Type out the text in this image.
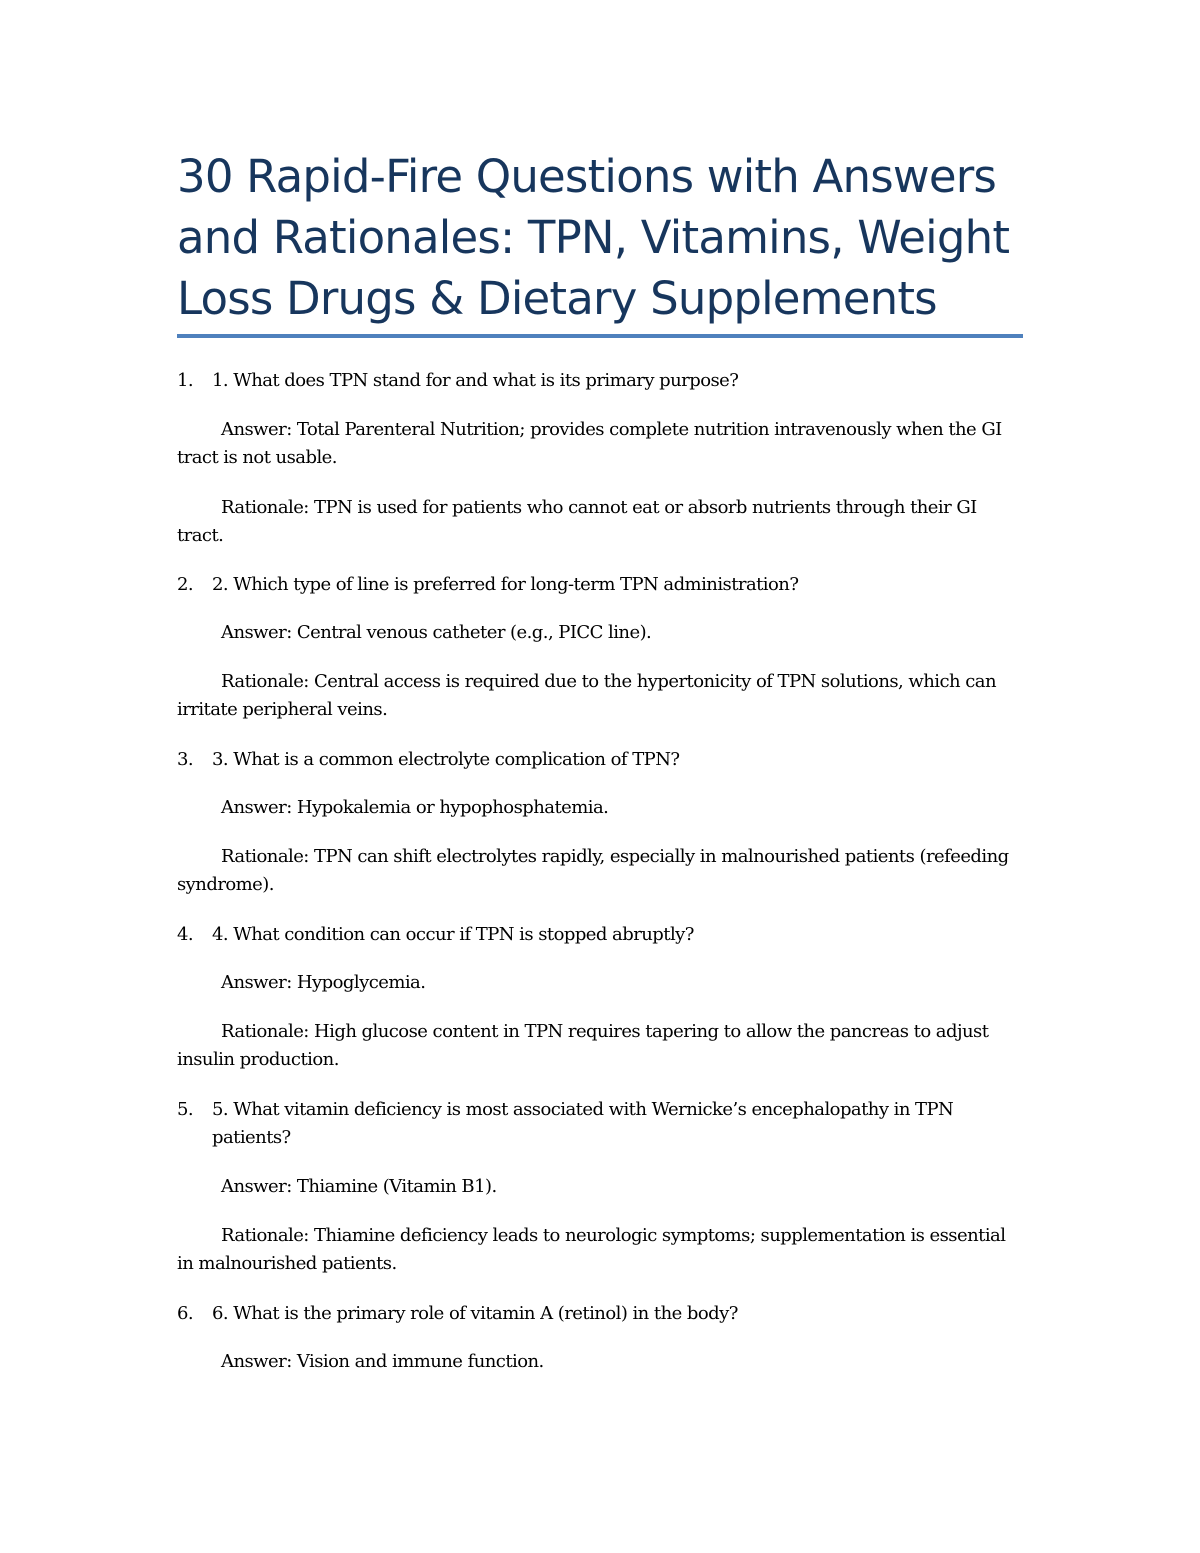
30 Rapid-Fire Questions with Answers and Rationales: TPN, Vitamins, Weight Loss Drugs & Dietary Supplements
1. 1. What does TPN stand for and what is its primary purpose?
Answer: Total Parenteral Nutrition; provides complete nutrition intravenously when the GI tract is not usable.
Rationale: TPN is used for patients who cannot eat or absorb nutrients through their GI tract.
2. 2. Which type of line is preferred for long-term TPN administration?
Answer: Central venous catheter (e.g., PICC line).
Rationale: Central access is required due to the hypertonicity of TPN solutions, which can irritate peripheral veins.
3. 3. What is a common electrolyte complication of TPN?
Answer: Hypokalemia or hypophosphatemia.
Rationale: TPN can shift electrolytes rapidly, especially in malnourished patients (refeeding syndrome).
4. 4. What condition can occur if TPN is stopped abruptly?
Answer: Hypoglycemia.
Rationale: High glucose content in TPN requires tapering to allow the pancreas to adjust insulin production.
5. 5. What vitamin deficiency is most associated with Wernicke’s encephalopathy in TPN patients?
Answer: Thiamine (Vitamin B1).
Rationale: Thiamine deficiency leads to neurologic symptoms; supplementation is essential in malnourished patients.
6. 6. What is the primary role of vitamin A (retinol) in the body?
Answer: Vision and immune function.
